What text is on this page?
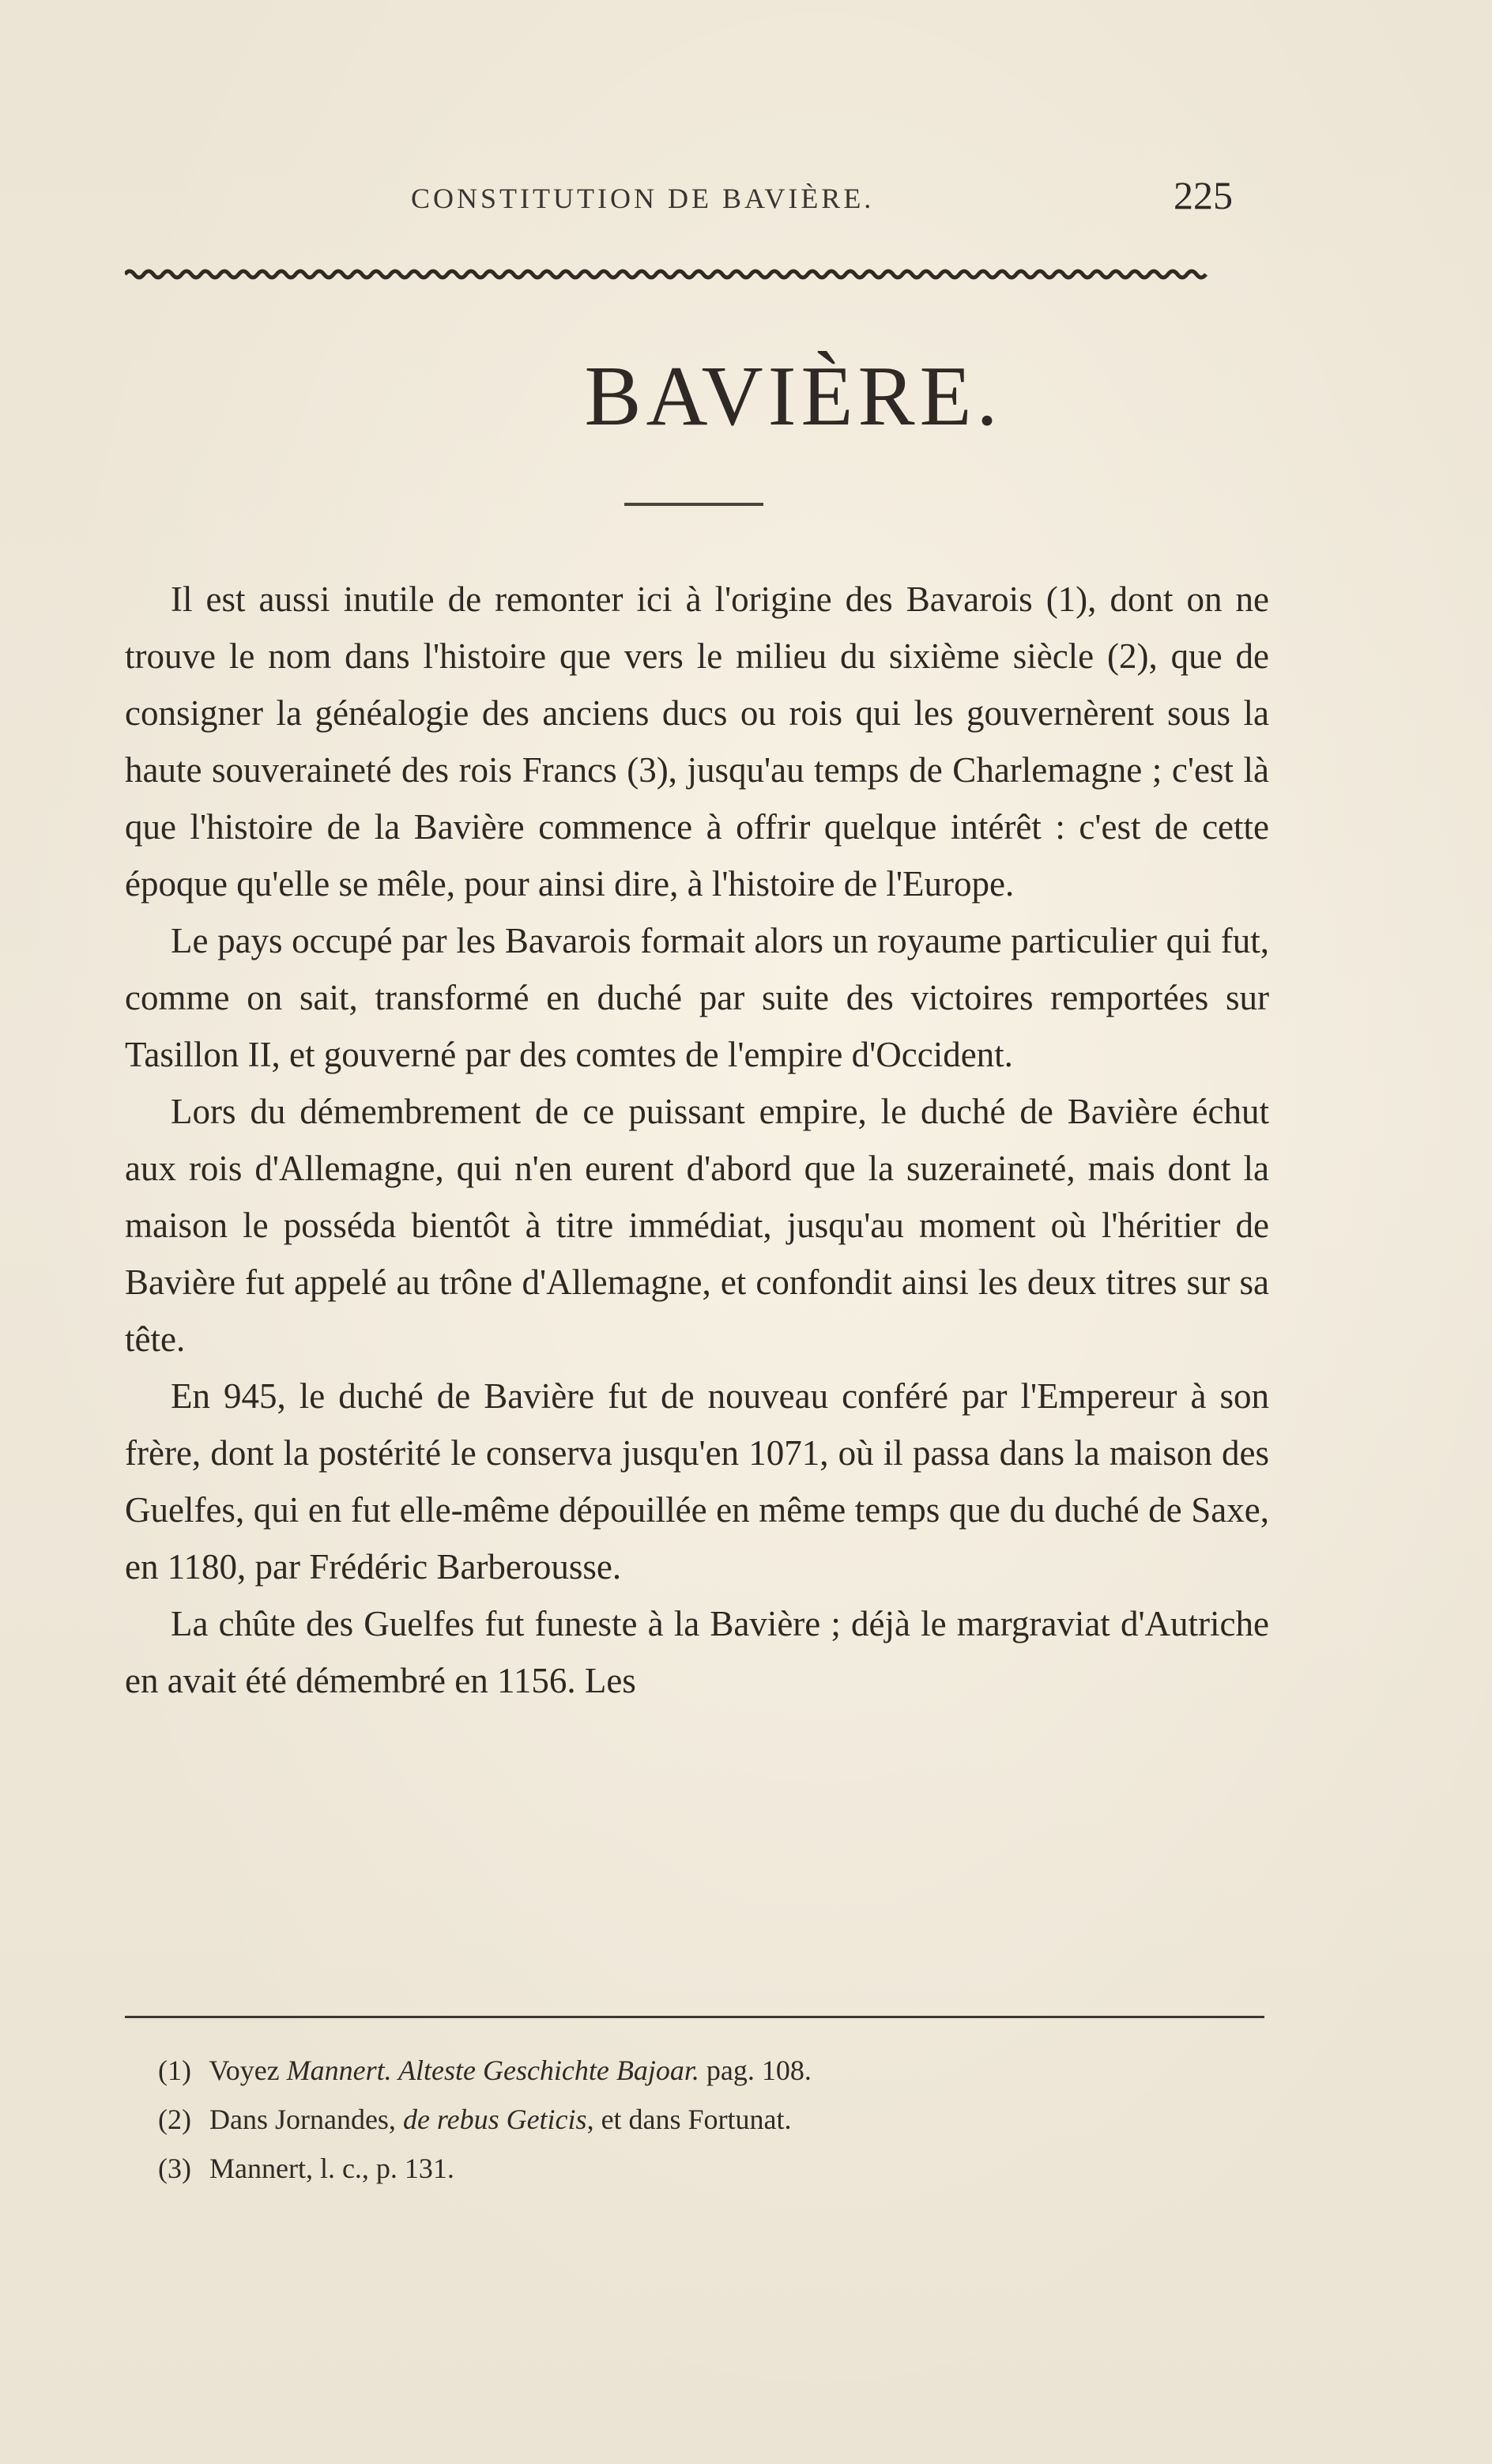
CONSTITUTION DE BAVIÈRE.	225
BAVIÈRE.

Il est aussi inutile de remonter ici à l'origine des Bavarois (1), dont on ne trouve le nom dans l'histoire que vers le milieu du sixième siècle (2), que de consigner la généalogie des anciens ducs ou rois qui les gouvernèrent sous la haute souveraineté des rois Francs (3), jusqu'au temps de Charlemagne ; c'est là que l'histoire de la Bavière commence à offrir quelque intérêt : c'est de cette époque qu'elle se mêle, pour ainsi dire, à l'histoire de l'Europe.

Le pays occupé par les Bavarois formait alors un royaume particulier qui fut, comme on sait, transformé en duché par suite des victoires remportées sur Tasillon II, et gouverné par des comtes de l'empire d'Occident.

Lors du démembrement de ce puissant empire, le duché de Bavière échut aux rois d'Allemagne, qui n'en eurent d'abord que la suzeraineté, mais dont la maison le posséda bientôt à titre immédiat, jusqu'au moment où l'héritier de Bavière fut appelé au trône d'Allemagne, et confondit ainsi les deux titres sur sa tête.

En 945, le duché de Bavière fut de nouveau conféré par l'Empereur à son frère, dont la postérité le conserva jusqu'en 1071, où il passa dans la maison des Guelfes, qui en fut elle-même dépouillée en même temps que du duché de Saxe, en 1180, par Frédéric Barberousse.

La chûte des Guelfes fut funeste à la Bavière ; déjà le margraviat d'Autriche en avait été démembré en 1156. Les

(1) Voyez Mannert. Alteste Geschichte Bajoar. pag. 108.
(2) Dans Jornandes, de rebus Geticis, et dans Fortunat.
(3) Mannert, l. c., p. 131.
